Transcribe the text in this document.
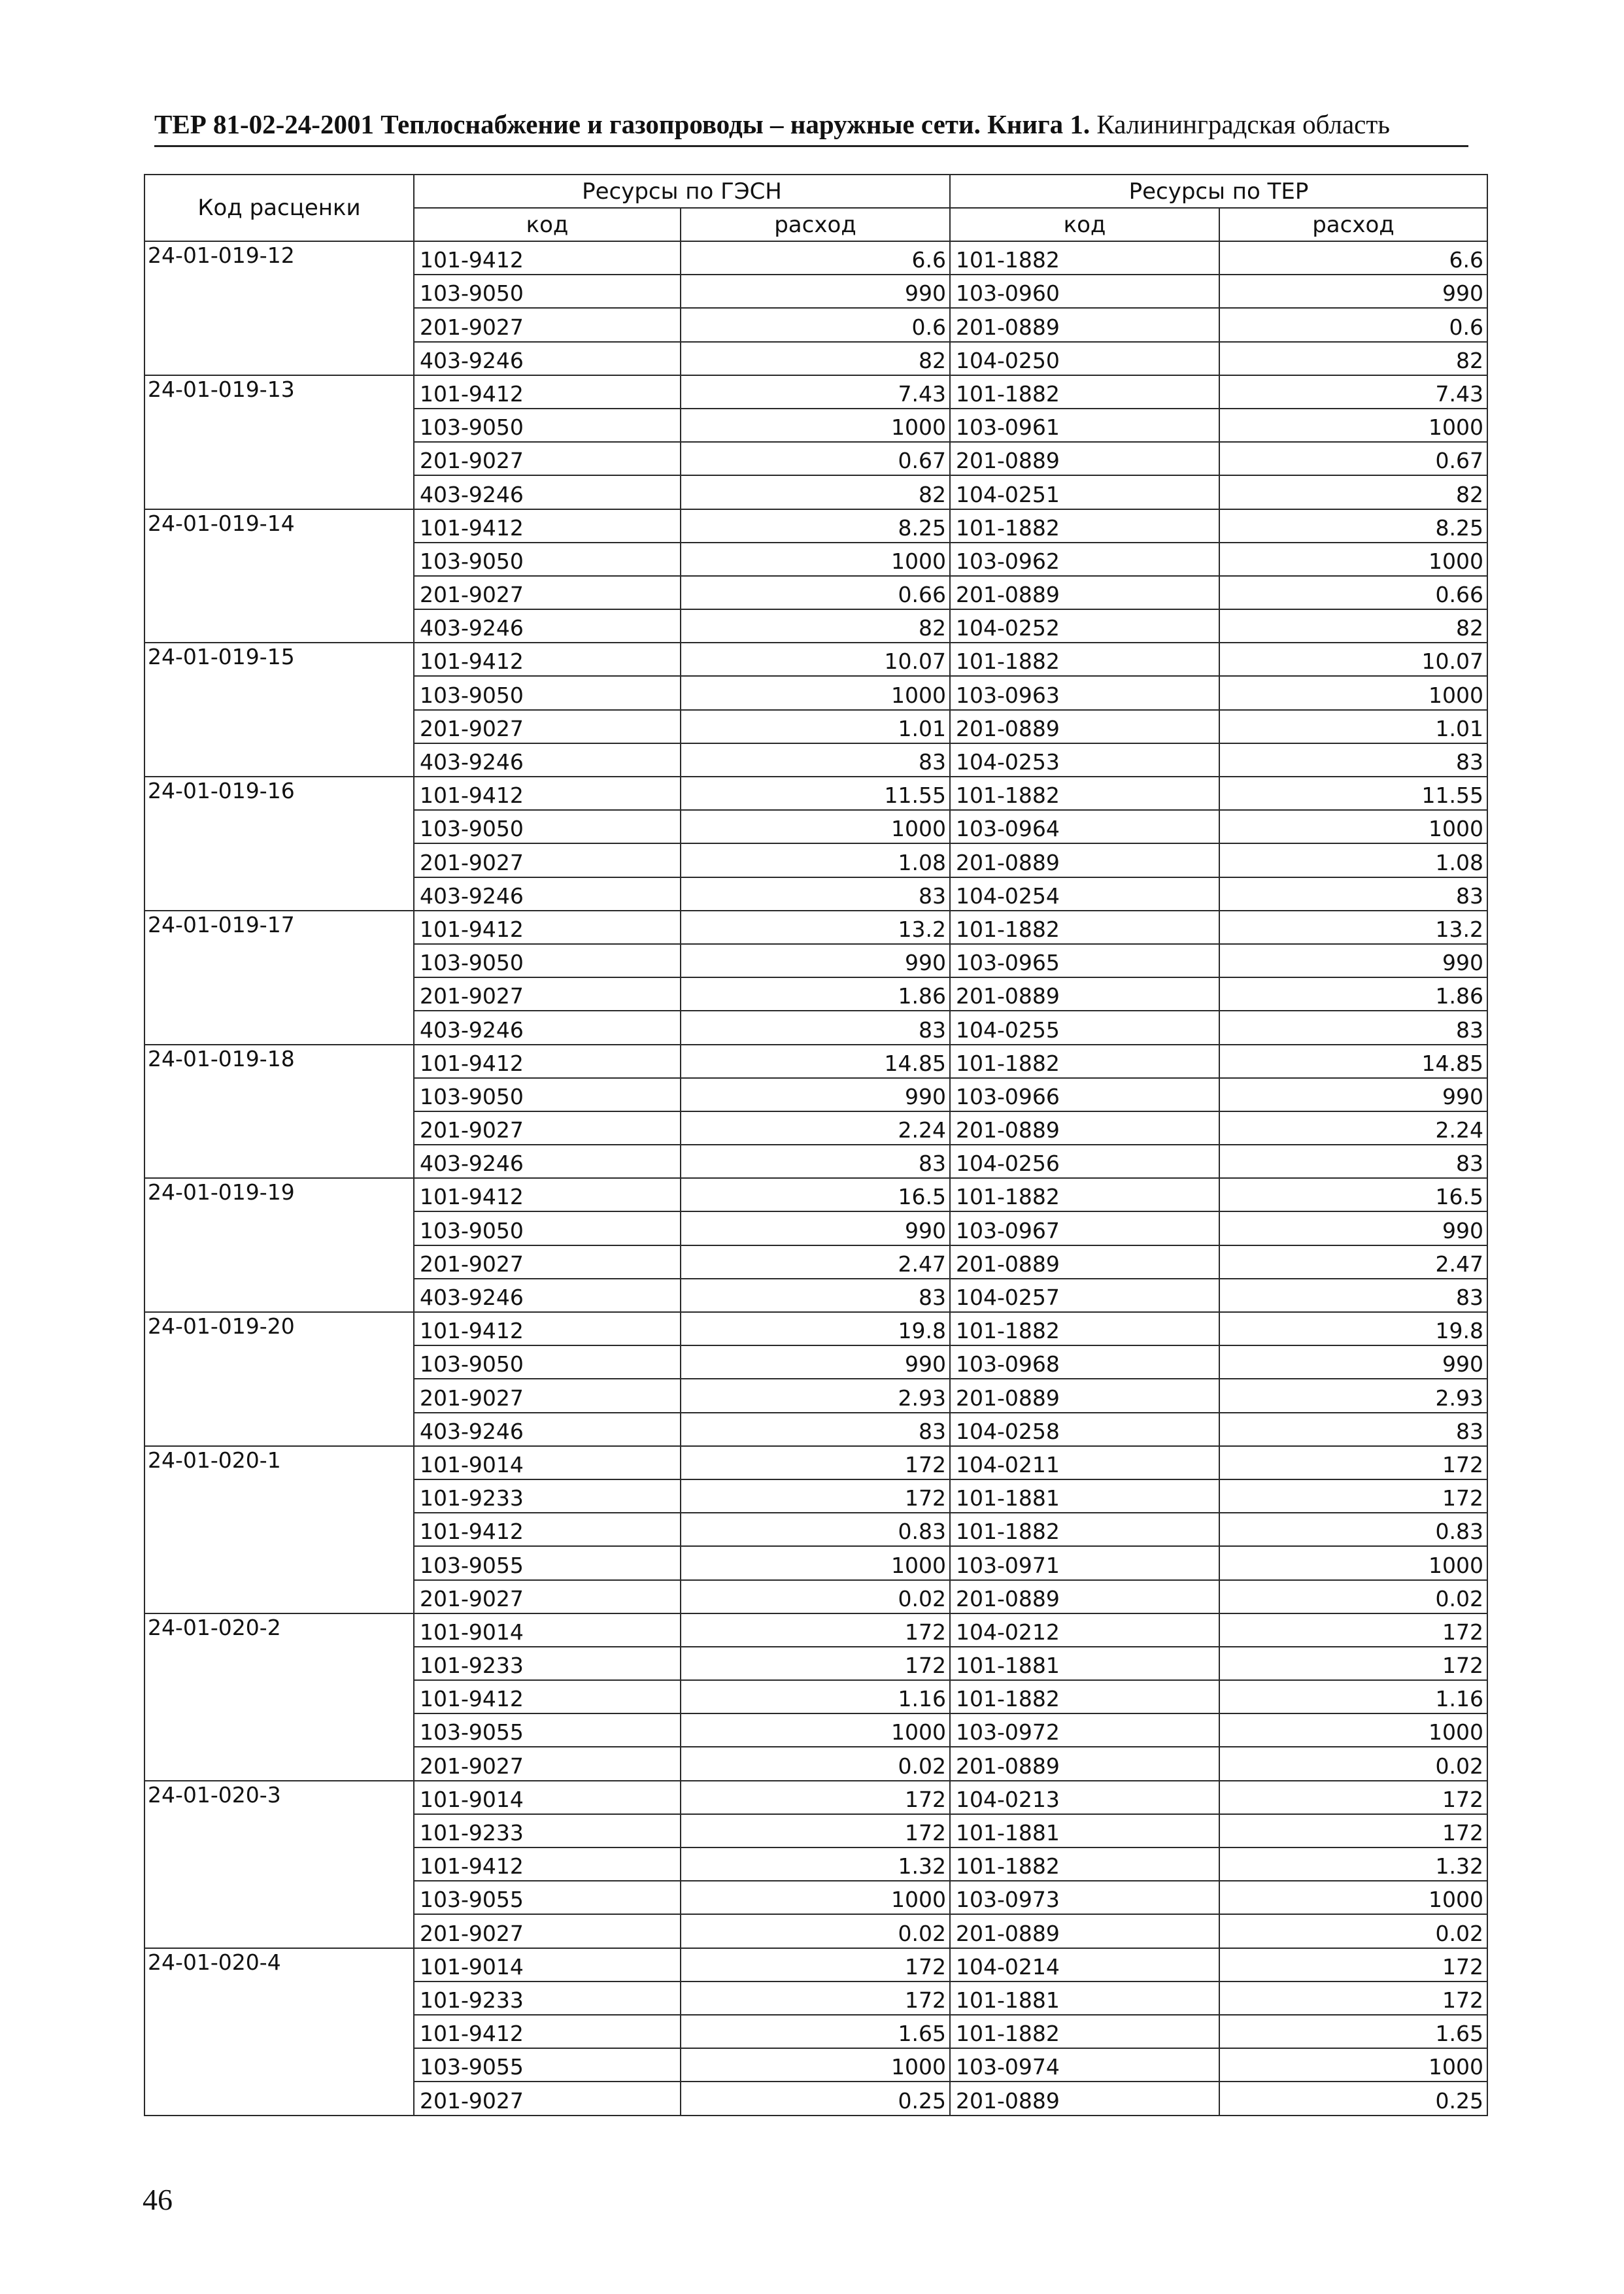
ТЕР 81-02-24-2001 Теплоснабжение и газопроводы – наружные сети. Книга 1. Калининградская область
Код расценки	Ресурсы по ГЭСН		Ресурсы по ТЕР	
	код	расход	код	расход
24-01-019-12	101-9412	6.6	101-1882	6.6
	103-9050	990	103-0960	990
	201-9027	0.6	201-0889	0.6
	403-9246	82	104-0250	82
24-01-019-13	101-9412	7.43	101-1882	7.43
	103-9050	1000	103-0961	1000
	201-9027	0.67	201-0889	0.67
	403-9246	82	104-0251	82
24-01-019-14	101-9412	8.25	101-1882	8.25
	103-9050	1000	103-0962	1000
	201-9027	0.66	201-0889	0.66
	403-9246	82	104-0252	82
24-01-019-15	101-9412	10.07	101-1882	10.07
	103-9050	1000	103-0963	1000
	201-9027	1.01	201-0889	1.01
	403-9246	83	104-0253	83
24-01-019-16	101-9412	11.55	101-1882	11.55
	103-9050	1000	103-0964	1000
	201-9027	1.08	201-0889	1.08
	403-9246	83	104-0254	83
24-01-019-17	101-9412	13.2	101-1882	13.2
	103-9050	990	103-0965	990
	201-9027	1.86	201-0889	1.86
	403-9246	83	104-0255	83
24-01-019-18	101-9412	14.85	101-1882	14.85
	103-9050	990	103-0966	990
	201-9027	2.24	201-0889	2.24
	403-9246	83	104-0256	83
24-01-019-19	101-9412	16.5	101-1882	16.5
	103-9050	990	103-0967	990
	201-9027	2.47	201-0889	2.47
	403-9246	83	104-0257	83
24-01-019-20	101-9412	19.8	101-1882	19.8
	103-9050	990	103-0968	990
	201-9027	2.93	201-0889	2.93
	403-9246	83	104-0258	83
24-01-020-1	101-9014	172	104-0211	172
	101-9233	172	101-1881	172
	101-9412	0.83	101-1882	0.83
	103-9055	1000	103-0971	1000
	201-9027	0.02	201-0889	0.02
24-01-020-2	101-9014	172	104-0212	172
	101-9233	172	101-1881	172
	101-9412	1.16	101-1882	1.16
	103-9055	1000	103-0972	1000
	201-9027	0.02	201-0889	0.02
24-01-020-3	101-9014	172	104-0213	172
	101-9233	172	101-1881	172
	101-9412	1.32	101-1882	1.32
	103-9055	1000	103-0973	1000
	201-9027	0.02	201-0889	0.02
24-01-020-4	101-9014	172	104-0214	172
	101-9233	172	101-1881	172
	101-9412	1.65	101-1882	1.65
	103-9055	1000	103-0974	1000
	201-9027	0.25	201-0889	0.25
46
